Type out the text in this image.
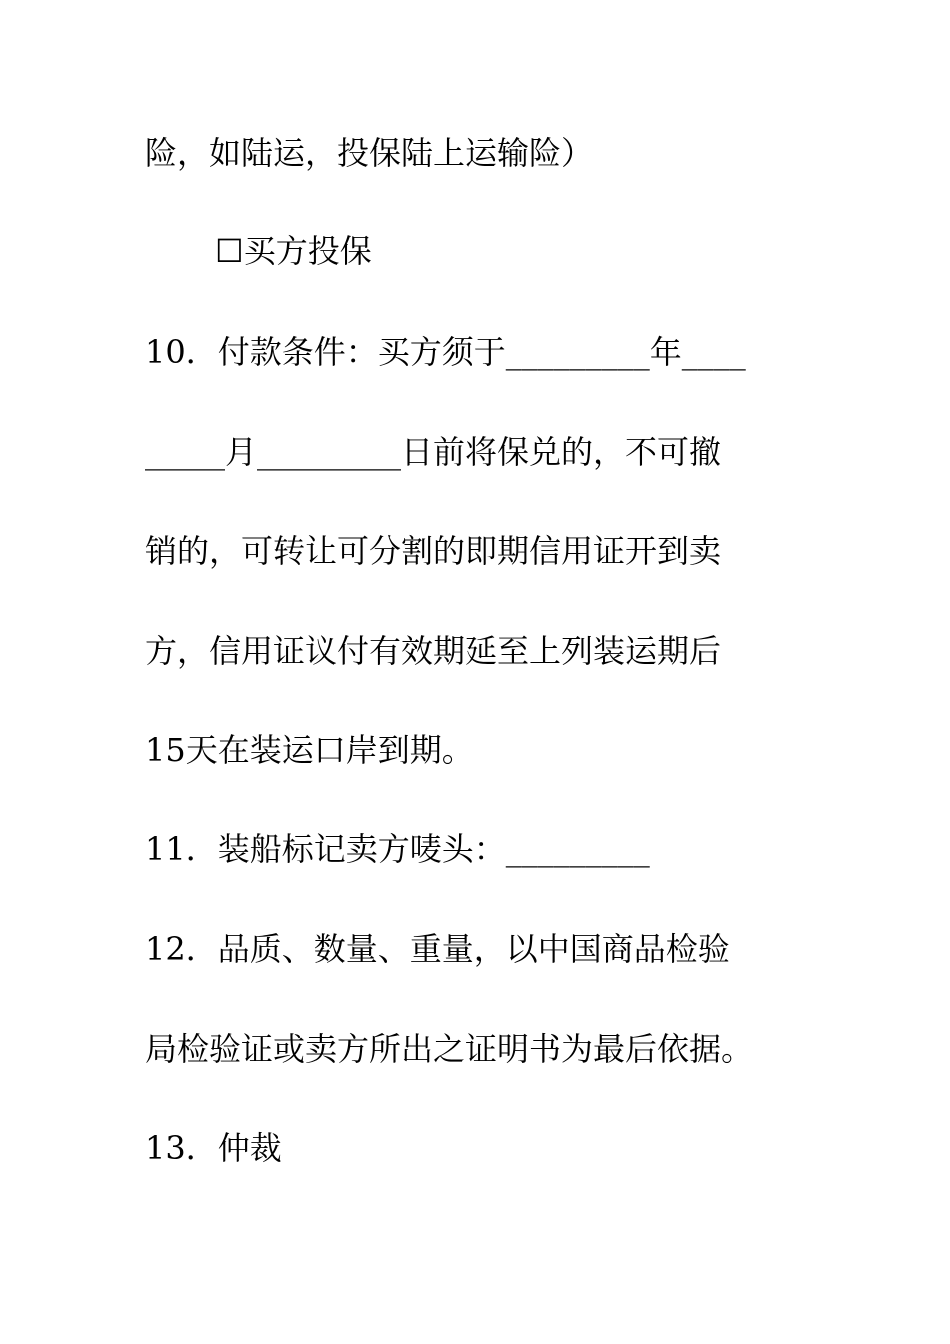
险，如陆运，投保陆上运输险）
☐买方投保
10．付款条件：买方须于_________年____
_____月_________日前将保兑的，不可撤
销的，可转让可分割的即期信用证开到卖
方，信用证议付有效期延至上列装运期后
15天在装运口岸到期。
11．装船标记卖方唛头：_________
12．品质、数量、重量，以中国商品检验
局检验证或卖方所出之证明书为最后依据。
13．仲裁
